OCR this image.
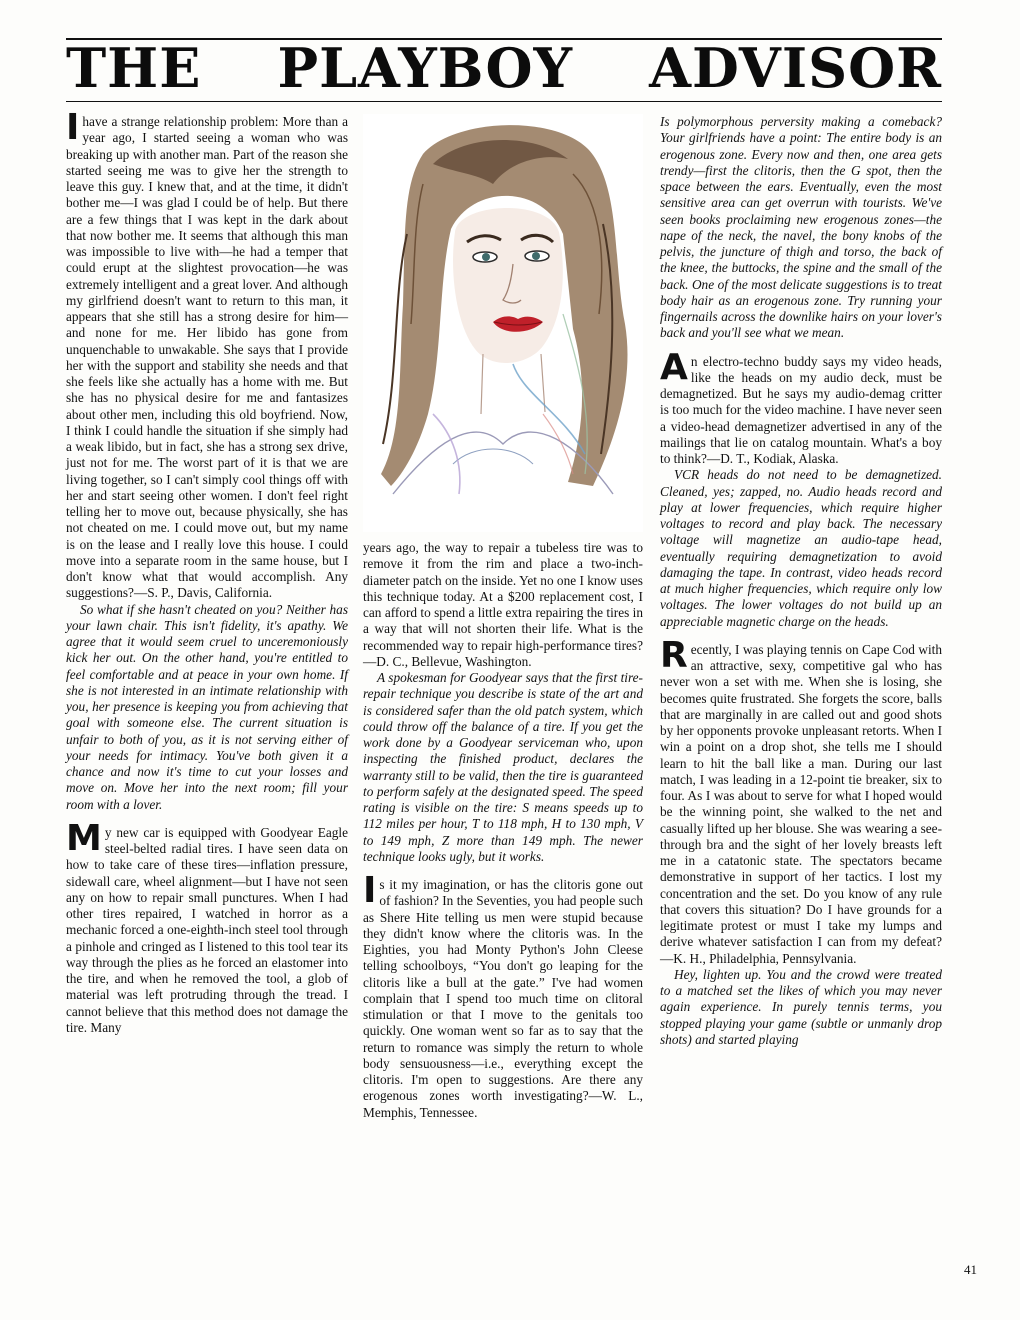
THE PLAYBOY ADVISOR

I have a strange relationship problem: More than a year ago, I started seeing a woman who was breaking up with another man. Part of the reason she started seeing me was to give her the strength to leave this guy. I knew that, and at the time, it didn't bother me—I was glad I could be of help. But there are a few things that I was kept in the dark about that now bother me. It seems that although this man was impossible to live with—he had a temper that could erupt at the slightest provocation—he was extremely intelligent and a great lover. And although my girlfriend doesn't want to return to this man, it appears that she still has a strong desire for him—and none for me. Her libido has gone from unquenchable to unwakable. She says that I provide her with the support and stability she needs and that she feels like she actually has a home with me. But she has no physical desire for me and fantasizes about other men, including this old boyfriend. Now, I think I could handle the situation if she simply had a weak libido, but in fact, she has a strong sex drive, just not for me. The worst part of it is that we are living together, so I can't simply cool things off with her and start seeing other women. I don't feel right telling her to move out, because physically, she has not cheated on me. I could move out, but my name is on the lease and I really love this house. I could move into a separate room in the same house, but I don't know what that would accomplish. Any suggestions?—S. P., Davis, California.

So what if she hasn't cheated on you? Neither has your lawn chair. This isn't fidelity, it's apathy. We agree that it would seem cruel to unceremoniously kick her out. On the other hand, you're entitled to feel comfortable and at peace in your own home. If she is not interested in an intimate relationship with you, her presence is keeping you from achieving that goal with someone else. The current situation is unfair to both of you, as it is not serving either of your needs for intimacy. You've both given it a chance and now it's time to cut your losses and move on. Move her into the next room; fill your room with a lover.

My new car is equipped with Goodyear Eagle steel-belted radial tires. I have seen data on how to take care of these tires—inflation pressure, sidewall care, wheel alignment—but I have not seen any on how to repair small punctures. When I had other tires repaired, I watched in horror as a mechanic forced a one-eighth-inch steel tool through a pinhole and cringed as I listened to this tool tear its way through the plies as he forced an elastomer into the tire, and when he removed the tool, a glob of material was left protruding through the tread. I cannot believe that this method does not damage the tire. Many

years ago, the way to repair a tubeless tire was to remove it from the rim and place a two-inch-diameter patch on the inside. Yet no one I know uses this technique today. At a $200 replacement cost, I can afford to spend a little extra repairing the tires in a way that will not shorten their life. What is the recommended way to repair high-performance tires?—D. C., Bellevue, Washington.

A spokesman for Goodyear says that the first tire-repair technique you describe is state of the art and is considered safer than the old patch system, which could throw off the balance of a tire. If you get the work done by a Goodyear serviceman who, upon inspecting the finished product, declares the warranty still to be valid, then the tire is guaranteed to perform safely at the designated speed. The speed rating is visible on the tire: S means speeds up to 112 miles per hour, T to 118 mph, H to 130 mph, V to 149 mph, Z more than 149 mph. The newer technique looks ugly, but it works.

Is it my imagination, or has the clitoris gone out of fashion? In the Seventies, you had people such as Shere Hite telling us men were stupid because they didn't know where the clitoris was. In the Eighties, you had Monty Python's John Cleese telling schoolboys, “You don't go leaping for the clitoris like a bull at the gate.” I've had women complain that I spend too much time on clitoral stimulation or that I move to the genitals too quickly. One woman went so far as to say that the return to romance was simply the return to whole body sensuousness—i.e., everything except the clitoris. I'm open to suggestions. Are there any erogenous zones worth investigating?—W. L., Memphis, Tennessee.

Is polymorphous perversity making a comeback? Your girlfriends have a point: The entire body is an erogenous zone. Every now and then, one area gets trendy—first the clitoris, then the G spot, then the space between the ears. Eventually, even the most sensitive area can get overrun with tourists. We've seen books proclaiming new erogenous zones—the nape of the neck, the navel, the bony knobs of the pelvis, the juncture of thigh and torso, the back of the knee, the buttocks, the spine and the small of the back. One of the most delicate suggestions is to treat body hair as an erogenous zone. Try running your fingernails across the downlike hairs on your lover's back and you'll see what we mean.

An electro-techno buddy says my video heads, like the heads on my audio deck, must be demagnetized. But he says my audio-demag critter is too much for the video machine. I have never seen a video-head demagnetizer advertised in any of the mailings that lie on catalog mountain. What's a boy to think?—D. T., Kodiak, Alaska.

VCR heads do not need to be demagnetized. Cleaned, yes; zapped, no. Audio heads record and play at lower frequencies, which require higher voltages to record and play back. The necessary voltage will magnetize an audio-tape head, eventually requiring demagnetization to avoid damaging the tape. In contrast, video heads record at much higher frequencies, which require only low voltages. The lower voltages do not build up an appreciable magnetic charge on the heads.

Recently, I was playing tennis on Cape Cod with an attractive, sexy, competitive gal who has never won a set with me. When she is losing, she becomes quite frustrated. She forgets the score, balls that are marginally in are called out and good shots by her opponents provoke unpleasant retorts. When I win a point on a drop shot, she tells me I should learn to hit the ball like a man. During our last match, I was leading in a 12-point tie breaker, six to four. As I was about to serve for what I hoped would be the winning point, she walked to the net and casually lifted up her blouse. She was wearing a see-through bra and the sight of her lovely breasts left me in a catatonic state. The spectators became demonstrative in support of her tactics. I lost my concentration and the set. Do you know of any rule that covers this situation? Do I have grounds for a legitimate protest or must I take my lumps and derive whatever satisfaction I can from my defeat?—K. H., Philadelphia, Pennsylvania.

Hey, lighten up. You and the crowd were treated to a matched set the likes of which you may never again experience. In purely tennis terms, you stopped playing your game (subtle or unmanly drop shots) and started playing

41
